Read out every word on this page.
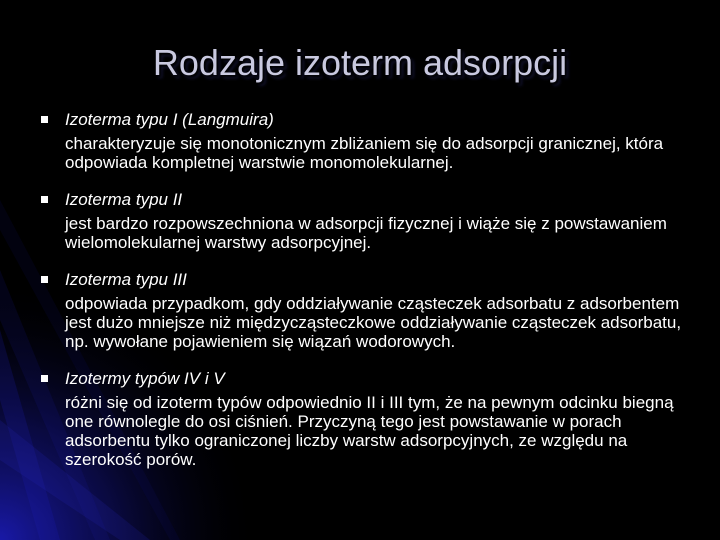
Rodzaje izoterm adsorpcji
Izoterma typu I (Langmuira)
charakteryzuje się monotonicznym zbliżaniem się do adsorpcji granicznej, która odpowiada kompletnej warstwie monomolekularnej.
Izoterma typu II
jest bardzo rozpowszechniona w adsorpcji fizycznej i wiąże się z powstawaniem wielomolekularnej warstwy adsorpcyjnej.
Izoterma typu III
odpowiada przypadkom, gdy oddziaływanie cząsteczek adsorbatu z adsorbentem jest dużo mniejsze niż międzycząsteczkowe oddziaływanie cząsteczek adsorbatu, np. wywołane pojawieniem się wiązań wodorowych.
Izotermy typów IV i V
różni się od izoterm typów odpowiednio II i III tym, że na pewnym odcinku biegną one równolegle do osi ciśnień. Przyczyną tego jest powstawanie w porach adsorbentu tylko ograniczonej liczby warstw adsorpcyjnych, ze względu na szerokość porów.
